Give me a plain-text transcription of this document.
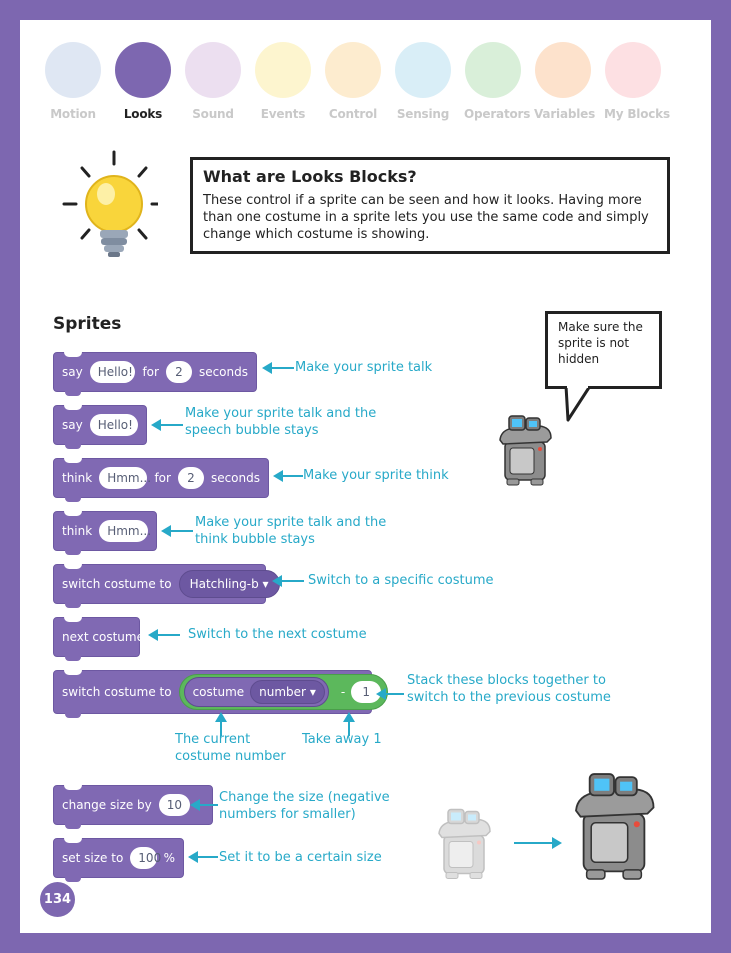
Motion	Looks	Sound	Events	Control	Sensing Operators Variables My Blocks
What are Looks Blocks?

These control if a sprite can be seen and how it looks. Having more than one costume in a sprite lets you use the same code and simply change which costume is showing.

Sprites	Make sure the sprite is not hidden
say	Hello! for	2	seconds	Make your sprite talk
say	Hello!
Make your sprite talk and the speech bubble stays
think	Hmm... for	2	seconds	Make your sprite think
think	Hmm...
Make your sprite talk and the think bubble stays
switch costume to	Hatchling-b ▾	Switch to a specific costume
next costume	Switch to the next costume
switch costume to costume	number ▾	-	1
Stack these blocks together to switch to the previous costume
The current costume number
Take away 1
change size by	10	Change the size (negative numbers for smaller)
set size to	100 %	Set it to be a certain size
134
